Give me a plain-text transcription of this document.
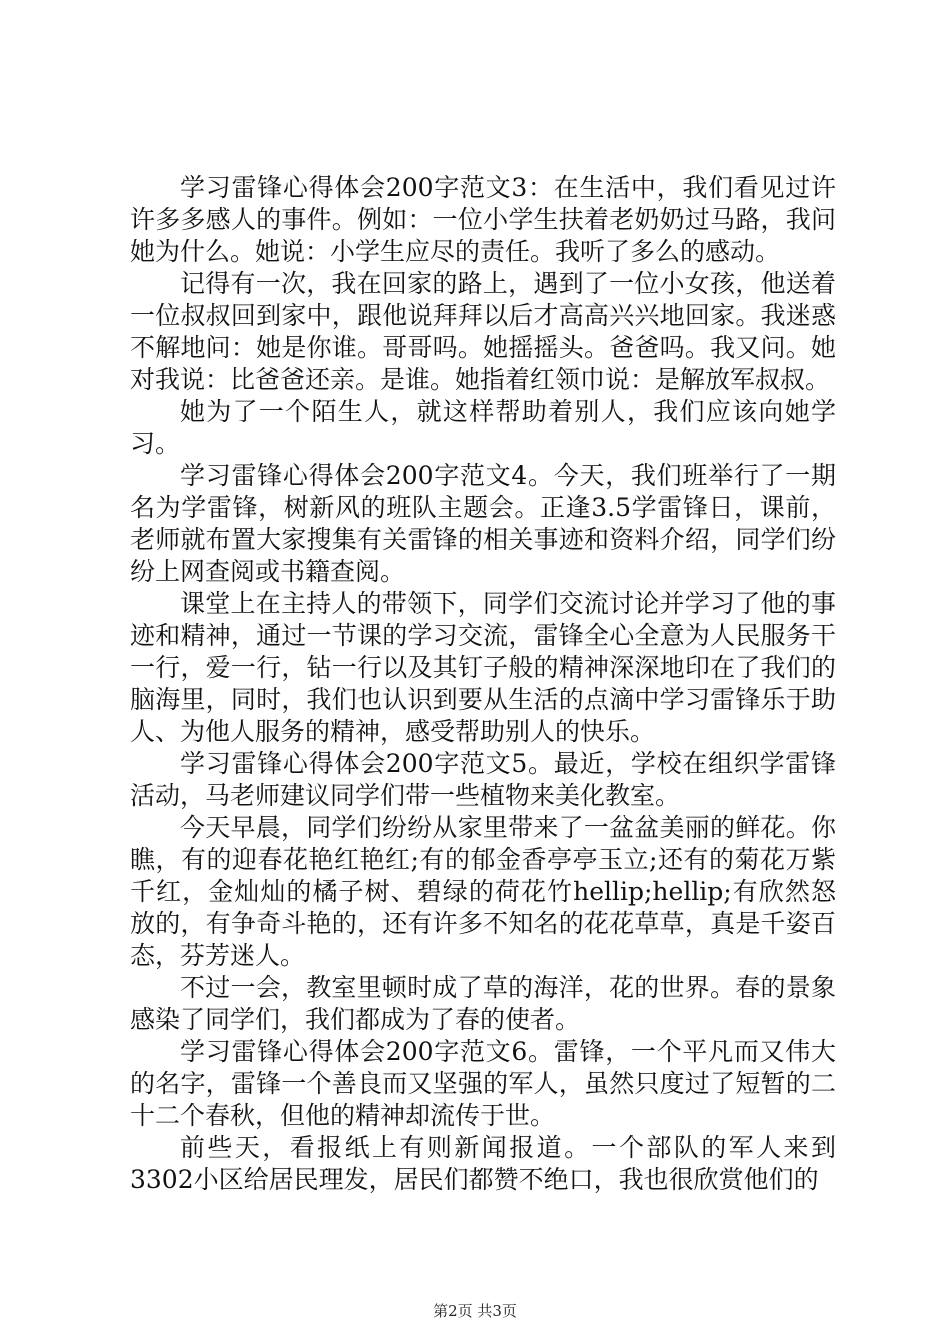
学习雷锋心得体会200字范文3：在生活中，我们看见过许许多多感人的事件。例如：一位小学生扶着老奶奶过马路，我问她为什么。她说：小学生应尽的责任。我听了多么的感动。

记得有一次，我在回家的路上，遇到了一位小女孩，他送着一位叔叔回到家中，跟他说拜拜以后才高高兴兴地回家。我迷惑不解地问：她是你谁。哥哥吗。她摇摇头。爸爸吗。我又问。她对我说：比爸爸还亲。是谁。她指着红领巾说：是解放军叔叔。

她为了一个陌生人，就这样帮助着别人，我们应该向她学习。

学习雷锋心得体会200字范文4。今天，我们班举行了一期名为学雷锋，树新风的班队主题会。正逢3.5学雷锋日，课前，老师就布置大家搜集有关雷锋的相关事迹和资料介绍，同学们纷纷上网查阅或书籍查阅。

课堂上在主持人的带领下，同学们交流讨论并学习了他的事迹和精神，通过一节课的学习交流，雷锋全心全意为人民服务干一行，爱一行，钻一行以及其钉子般的精神深深地印在了我们的脑海里，同时，我们也认识到要从生活的点滴中学习雷锋乐于助人、为他人服务的精神，感受帮助别人的快乐。

学习雷锋心得体会200字范文5。最近，学校在组织学雷锋活动，马老师建议同学们带一些植物来美化教室。

今天早晨，同学们纷纷从家里带来了一盆盆美丽的鲜花。你瞧，有的迎春花艳红艳红;有的郁金香亭亭玉立;还有的菊花万紫千红，金灿灿的橘子树、碧绿的荷花竹hellip;hellip;有欣然怒放的，有争奇斗艳的，还有许多不知名的花花草草，真是千姿百态，芬芳迷人。

不过一会，教室里顿时成了草的海洋，花的世界。春的景象感染了同学们，我们都成为了春的使者。

学习雷锋心得体会200字范文6。雷锋，一个平凡而又伟大的名字，雷锋一个善良而又坚强的军人，虽然只度过了短暂的二十二个春秋，但他的精神却流传于世。

前些天，看报纸上有则新闻报道。一个部队的军人来到3302小区给居民理发，居民们都赞不绝口，我也很欣赏他们的

第2页 共3页
